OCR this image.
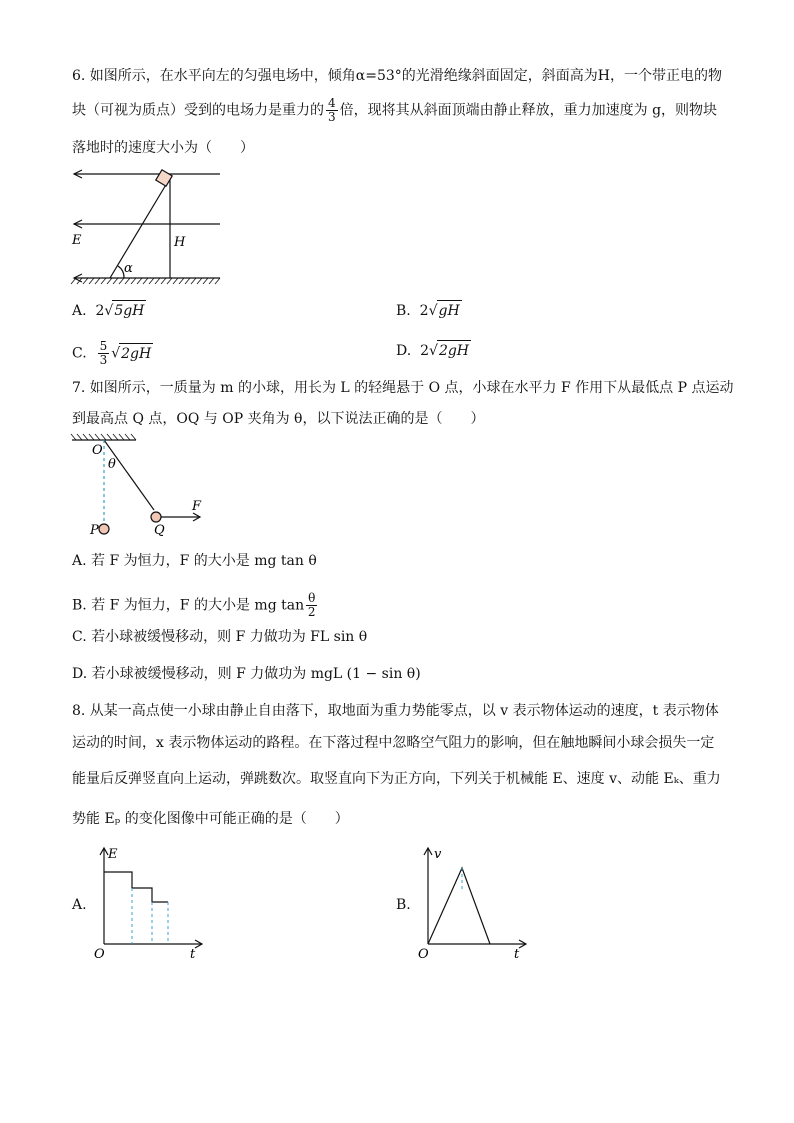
6. 如图所示，在水平向左的匀强电场中，倾角α=53°的光滑绝缘斜面固定，斜面高为H，一个带正电的物
块（可视为质点）受到的电场力是重力的 $\frac{4}{3}$ 倍，现将其从斜面顶端由静止释放，重力加速度为 g，则物块
落地时的速度大小为（　　）
E	H
α
A. 2√5gH	B. 2√gH
C. $\frac{5}{3} √2gH$	D. 2√2gH
7. 如图所示，一质量为 m 的小球，用长为 L 的轻绳悬于 O 点，小球在水平力 F 作用下从最低点 P 点运动
到最高点 Q 点，OQ 与 OP 夹角为 θ，以下说法正确的是（　　）
O
θ
F
P	Q
A. 若 F 为恒力，F 的大小是 mg tan θ
B. 若 F 为恒力，F 的大小是 mg $\tan \frac{\theta}{2}$
C. 若小球被缓慢移动，则 F 力做功为 FL sin θ
D. 若小球被缓慢移动，则 F 力做功为 mgL (1 − sin θ)
8. 从某一高点使一小球由静止自由落下，取地面为重力势能零点，以 v 表示物体运动的速度，t 表示物体
运动的时间，x 表示物体运动的路程。在下落过程中忽略空气阻力的影响，但在触地瞬间小球会损失一定
能量后反弹竖直向上运动，弹跳数次。取竖直向下为正方向，下列关于机械能 E、速度 v、动能 Eₖ、重力
势能 Eₚ 的变化图像中可能正确的是（　　）
A.
E
O	t
B.
v
O	t
